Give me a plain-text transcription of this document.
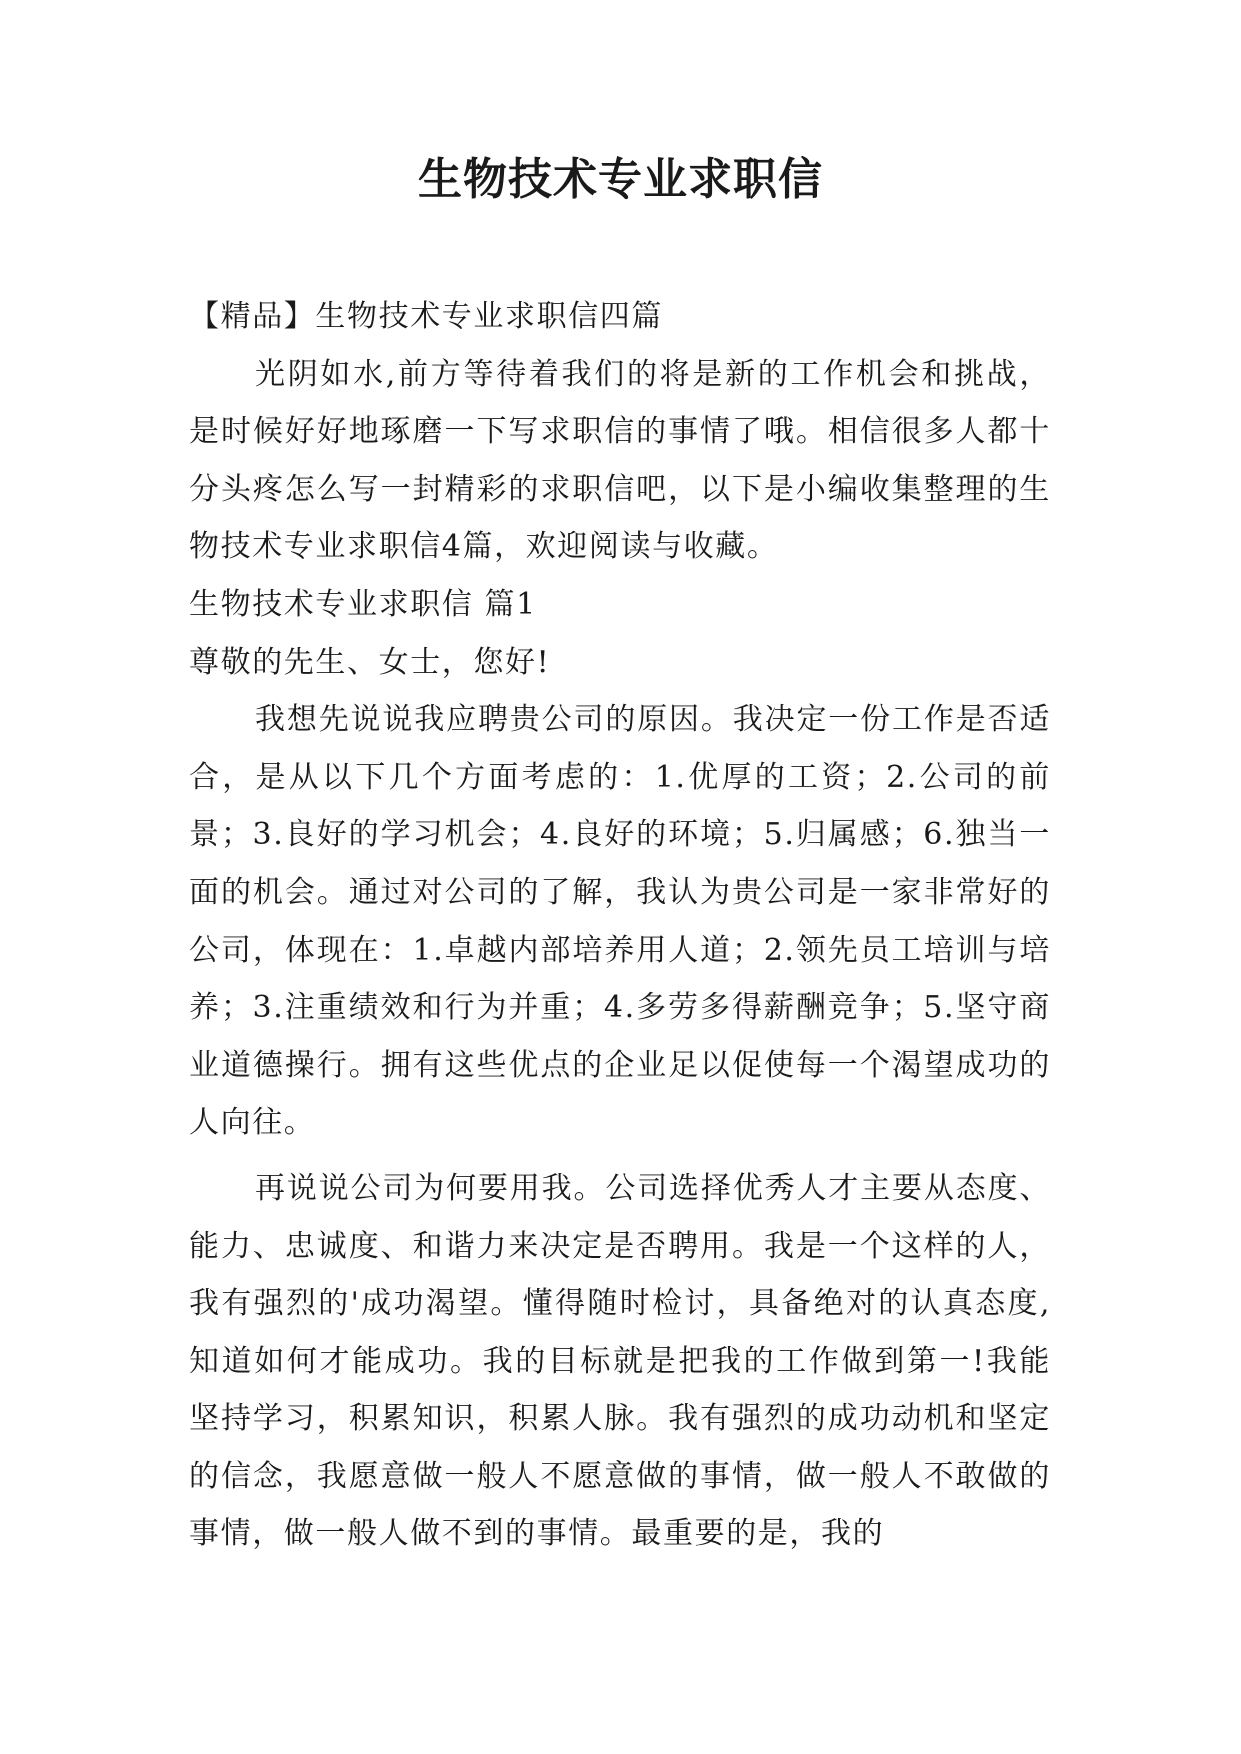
生物技术专业求职信

【精品】生物技术专业求职信四篇

光阴如水,前方等待着我们的将是新的工作机会和挑战，是时候好好地琢磨一下写求职信的事情了哦。相信很多人都十分头疼怎么写一封精彩的求职信吧，以下是小编收集整理的生物技术专业求职信4篇，欢迎阅读与收藏。

生物技术专业求职信 篇1

尊敬的先生、女士，您好!

我想先说说我应聘贵公司的原因。我决定一份工作是否适合，是从以下几个方面考虑的：1.优厚的工资；2.公司的前景；3.良好的学习机会；4.良好的环境；5.归属感；6.独当一面的机会。通过对公司的了解，我认为贵公司是一家非常好的公司，体现在：1.卓越内部培养用人道；2.领先员工培训与培养；3.注重绩效和行为并重；4.多劳多得薪酬竞争；5.坚守商业道德操行。拥有这些优点的企业足以促使每一个渴望成功的人向往。

再说说公司为何要用我。公司选择优秀人才主要从态度、能力、忠诚度、和谐力来决定是否聘用。我是一个这样的人，我有强烈的'成功渴望。懂得随时检讨，具备绝对的认真态度,知道如何才能成功。我的目标就是把我的工作做到第一!我能坚持学习，积累知识，积累人脉。我有强烈的成功动机和坚定的信念，我愿意做一般人不愿意做的事情，做一般人不敢做的事情，做一般人做不到的事情。最重要的是，我的
